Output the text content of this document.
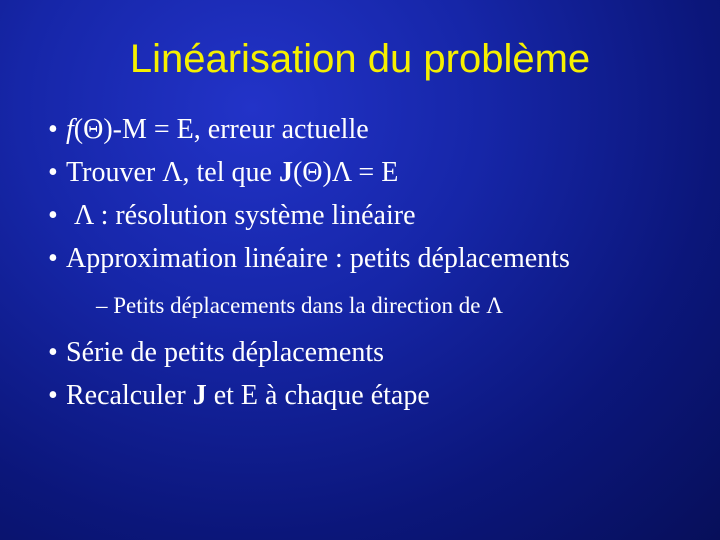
Linéarisation du problème
• f(Θ)-M = E, erreur actuelle
• Trouver Λ, tel que J(Θ)Λ = E
• Λ : résolution système linéaire
• Approximation linéaire : petits déplacements
– Petits déplacements dans la direction de Λ
• Série de petits déplacements
• Recalculer J et E à chaque étape
